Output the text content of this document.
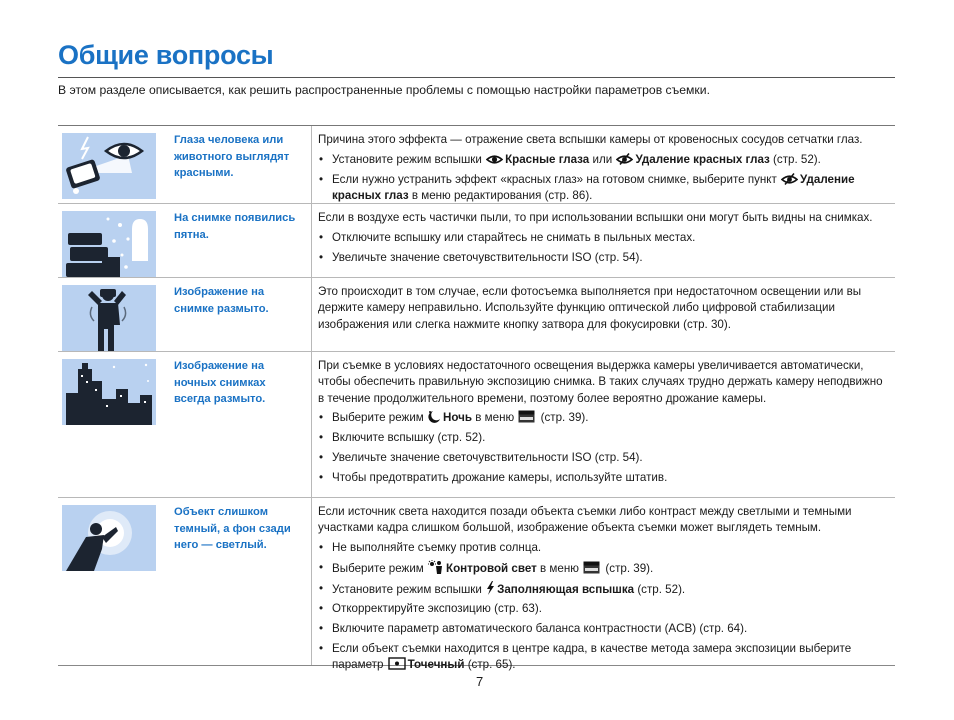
Общие вопросы

В этом разделе описывается, как решить распространенные проблемы с помощью настройки параметров съемки.

Глаза человека или животного выглядят красными.

Причина этого эффекта — отражение света вспышки камеры от кровеносных сосудов сетчатки глаз.

• Установите режим вспышки Красные глаза или Удаление красных глаз (стр. 52).
• Если нужно устранить эффект «красных глаз» на готовом снимке, выберите пункт Удаление красных глаз в меню редактирования (стр. 86).
На снимке появились пятна.

Если в воздухе есть частички пыли, то при использовании вспышки они могут быть видны на снимках.

• Отключите вспышку или старайтесь не снимать в пыльных местах.
• Увеличьте значение светочувствительности ISO (стр. 54).
Изображение на снимке размыто.

Это происходит в том случае, если фотосъемка выполняется при недостаточном освещении или вы держите камеру неправильно. Используйте функцию оптической либо цифровой стабилизации изображения или слегка нажмите кнопку затвора для фокусировки (стр. 30).

Изображение на ночных снимках всегда размыто.

При съемке в условиях недостаточного освещения выдержка камеры увеличивается автоматически, чтобы обеспечить правильную экспозицию снимка. В таких случаях трудно держать камеру неподвижно в течение продолжительного времени, поэтому более вероятно дрожание камеры.

• Выберите режим Ночь в меню (стр. 39).
• Включите вспышку (стр. 52).
• Увеличьте значение светочувствительности ISO (стр. 54).
• Чтобы предотвратить дрожание камеры, используйте штатив.
Объект слишком темный, а фон сзади него — светлый.

Если источник света находится позади объекта съемки либо контраст между светлыми и темными участками кадра слишком большой, изображение объекта съемки может выглядеть темным.

• Не выполняйте съемку против солнца.
• Выберите режим Контровой свет в меню (стр. 39).
• Установите режим вспышки Заполняющая вспышка (стр. 52).
• Откорректируйте экспозицию (стр. 63).
• Включите параметр автоматического баланса контрастности (ACB) (стр. 64).
• Если объект съемки находится в центре кадра, в качестве метода замера экспозиции выберите параметр Точечный (стр. 65).
7
